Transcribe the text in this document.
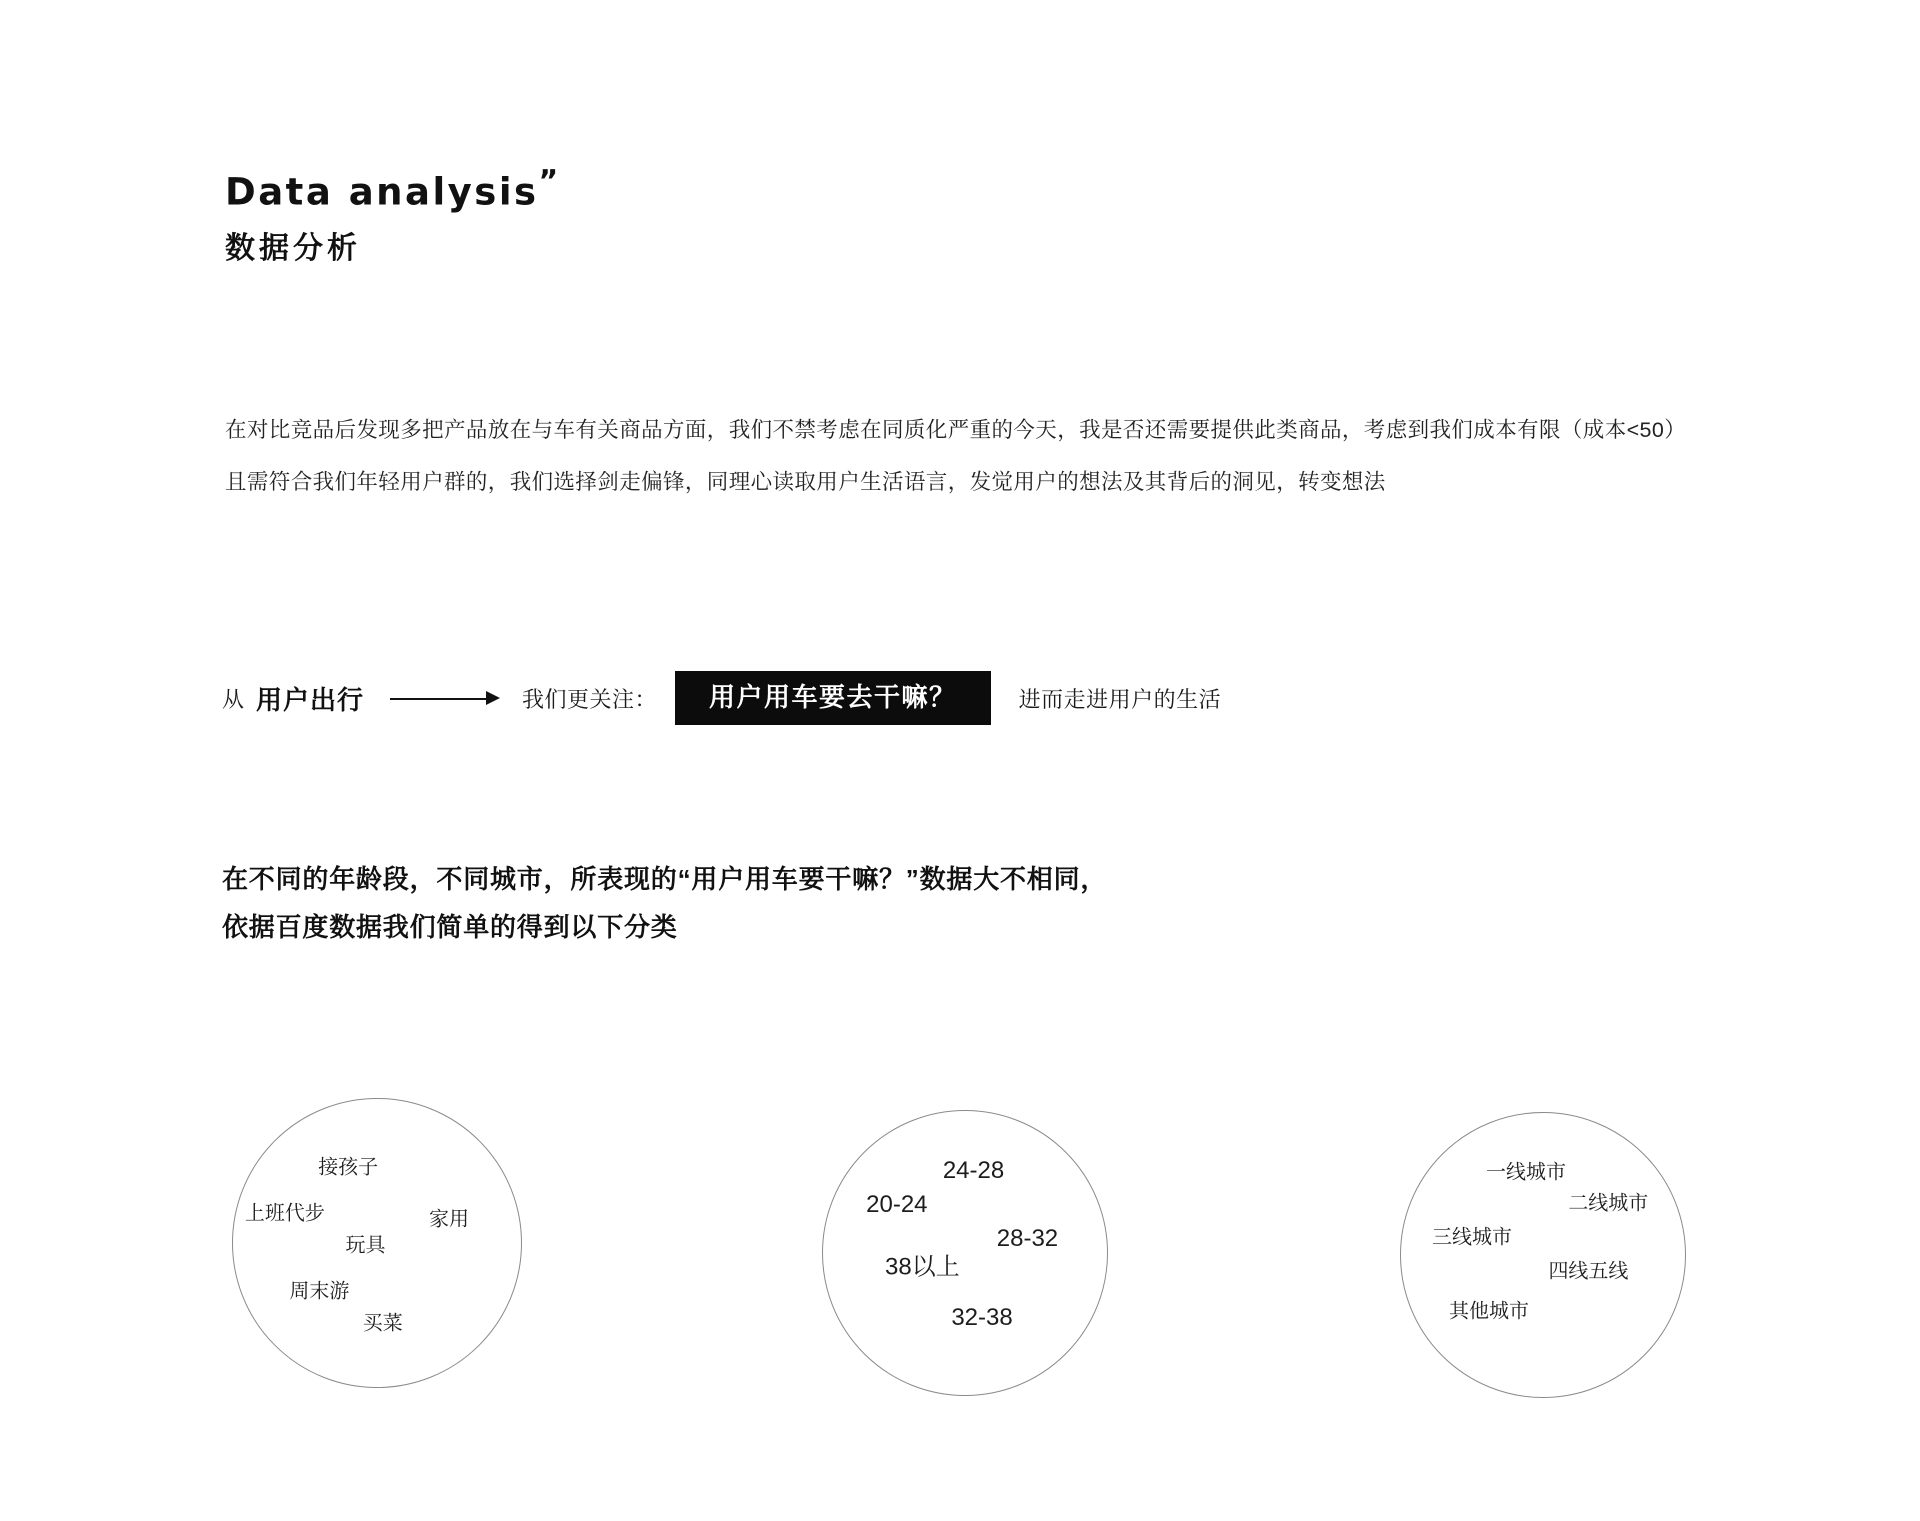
Data analysis”
数据分析
在对比竞品后发现多把产品放在与车有关商品方面，我们不禁考虑在同质化严重的今天，我是否还需要提供此类商品，考虑到我们成本有限（成本<50）且需符合我们年轻用户群的，我们选择剑走偏锋，同理心读取用户生活语言，发觉用户的想法及其背后的洞见，转变想法
从 用户出行	我们更关注：	用户用车要去干嘛？	进而走进用户的生活
在不同的年龄段，不同城市，所表现的“用户用车要干嘛？”数据大不相同，
依据百度数据我们简单的得到以下分类
接孩子
上班代步	家用
玩具
周末游
买菜
24-28
20-24
28-32
38以上
32-38
一线城市
二线城市
三线城市
四线五线
其他城市
